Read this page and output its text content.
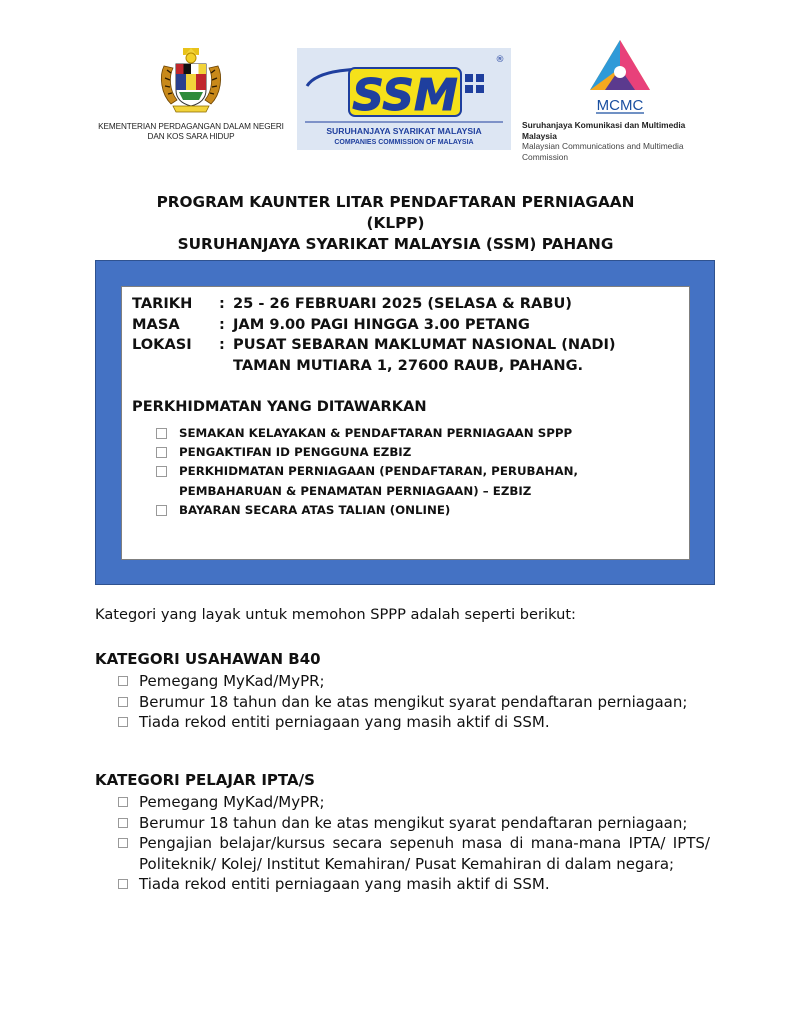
KEMENTERIAN PERDAGANGAN DALAM NEGERI
DAN KOS SARA HIDUP
SSM
®
SURUHANJAYA SYARIKAT MALAYSIA
COMPANIES COMMISSION OF MALAYSIA
MCMC
Suruhanjaya Komunikasi dan Multimedia Malaysia
Malaysian Communications and Multimedia Commission
PROGRAM KAUNTER LITAR PENDAFTARAN PERNIAGAAN
(KLPP)
SURUHANJAYA SYARIKAT MALAYSIA (SSM) PAHANG
TARIKH	: 25 - 26 FEBRUARI 2025 (SELASA & RABU)
MASA	: JAM 9.00 PAGI HINGGA 3.00 PETANG
LOKASI	: PUSAT SEBARAN MAKLUMAT NASIONAL (NADI) TAMAN MUTIARA 1, 27600 RAUB, PAHANG.
PERKHIDMATAN YANG DITAWARKAN
SEMAKAN KELAYAKAN & PENDAFTARAN PERNIAGAAN SPPP
PENGAKTIFAN ID PENGGUNA EZBIZ
PERKHIDMATAN PERNIAGAAN (PENDAFTARAN, PERUBAHAN, PEMBAHARUAN & PENAMATAN PERNIAGAAN) – EZBIZ
BAYARAN SECARA ATAS TALIAN (ONLINE)
Kategori yang layak untuk memohon SPPP adalah seperti berikut:
KATEGORI USAHAWAN B40
Pemegang MyKad/MyPR;
Berumur 18 tahun dan ke atas mengikut syarat pendaftaran perniagaan;
Tiada rekod entiti perniagaan yang masih aktif di SSM.
KATEGORI PELAJAR IPTA/S
Pemegang MyKad/MyPR;
Berumur 18 tahun dan ke atas mengikut syarat pendaftaran perniagaan;
Pengajian belajar/kursus secara sepenuh masa di mana-mana IPTA/ IPTS/ Politeknik/ Kolej/ Institut Kemahiran/ Pusat Kemahiran di dalam negara;
Tiada rekod entiti perniagaan yang masih aktif di SSM.
